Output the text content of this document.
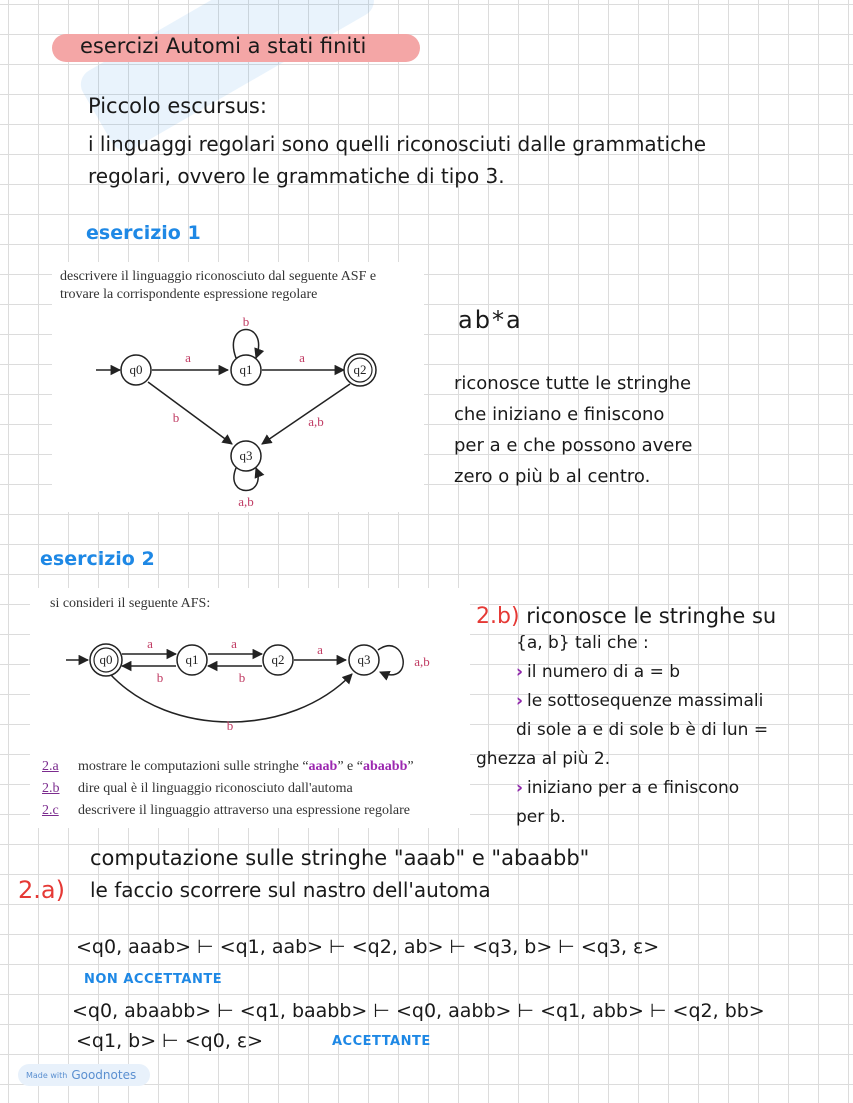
esercizi Automi a stati finiti
Piccolo escursus:
i linguaggi regolari sono quelli riconosciuti dalle grammatiche
regolari, ovvero le grammatiche di tipo 3.
esercizio 1
descrivere il linguaggio riconosciuto dal seguente ASF e
trovare la corrispondente espressione regolare
q0	q1	q2
q3
a	a
b
b	a,b
a,b
ab*a
riconosce tutte le stringhe
che iniziano e finiscono
per a e che possono avere
zero o più b al centro.
esercizio 2
si consideri il seguente AFS:
q0	q1	q2	q3
a	a	a
b	b
b
a,b
2.a mostrare le computazioni sulle stringhe “aaab” e “abaabb”
2.b dire qual è il linguaggio riconosciuto dall'automa
2.c descrivere il linguaggio attraverso una espressione regolare
2.b) riconosce le stringhe su
{a, b} tali che :
› il numero di a = b
› le sottosequenze massimali
di sole a e di sole b è di lun =
ghezza al più 2.
› iniziano per a e finiscono
per b.
computazione sulle stringhe "aaab" e "abaabb"
2.a) le faccio scorrere sul nastro dell'automa
<q0, aaab> ⊢ <q1, aab> ⊢ <q2, ab> ⊢ <q3, b> ⊢ <q3, ε>
NON ACCETTANTE
<q0, abaabb> ⊢ <q1, baabb> ⊢ <q0, aabb> ⊢ <q1, abb> ⊢ <q2, bb>
<q1, b> ⊢ <q0, ε>	ACCETTANTE
Made with Goodnotes
